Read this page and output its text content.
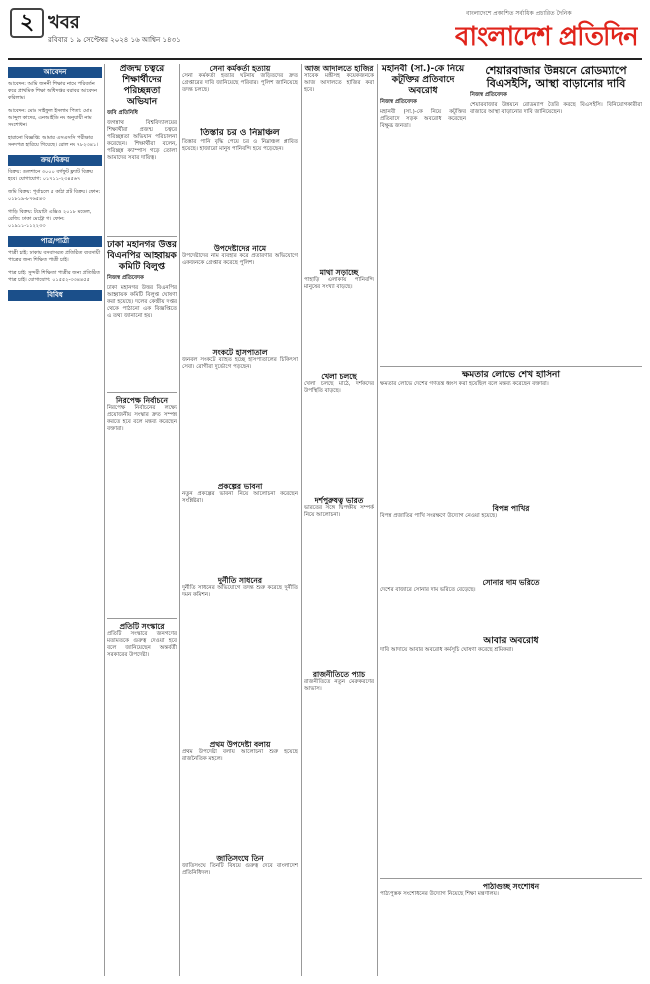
২ খবর
রবিবার ১ ৯ সেপ্টেম্বর ২০২৪ ১৬ আশ্বিন ১৪৩১
বাংলাদেশে প্রকাশিত সর্বাধিক প্রচারিত দৈনিক
বাংলাদেশ প্রতিদিন
আবেদন
আবেদন: আমি জননী শিক্ষার নামে পরিবর্তন করে প্রাথমিক শিক্ষা অধিদপ্তর বরাবর আবেদন করিলাম।
আবেদন: মোঃ সাইফুল ইসলাম পিতা: মোঃ আব্দুল কাদের, এনআইডি নং অনুযায়ী নাম সংশোধন।
হারানো বিজ্ঞপ্তি: আমার এসএসসি পরীক্ষার সনদপত্র হারিয়ে গিয়েছে। রোল নং ৭৮২৩৪১।
ক্রয়/বিক্রয়
বিক্রয়: গুলশানে ৩০০০ বর্গফুট ফ্ল্যাট বিক্রয় হবে। যোগাযোগ: ০১৭১১-২৩৪৫৬৭
জমি বিক্রয়: পূর্বাচলে ৫ কাঠা প্লট বিক্রয়। ফোন: ০১৮১৯-৮৭৬৫৪৩
গাড়ি বিক্রয়: টয়োটা এক্সিও ২০১৮ মডেল, রেজি: ঢাকা মেট্রো গ। ফোন: ০১৯১১-১১২২৩৩
পাত্র/পাত্রী
পাত্রী চাই: ঢাকায় বসবাসরত প্রতিষ্ঠিত ব্যবসায়ী পাত্রের জন্য শিক্ষিত পাত্রী চাই।
পাত্র চাই: সুন্দরী শিক্ষিতা পাত্রীর জন্য প্রতিষ্ঠিত পাত্র চাই। যোগাযোগ: ০১৫৫২-৩৩৪৪৫৫
বিবিধ
প্রজন্ম চত্বরে শিক্ষার্থীদের পরিচ্ছন্নতা অভিযান
জবি প্রতিনিধি
জগন্নাথ বিশ্ববিদ্যালয়ের শিক্ষার্থীরা প্রজন্ম চত্বরে পরিচ্ছন্নতা অভিযান পরিচালনা করেছেন। শিক্ষার্থীরা বলেন, পরিচ্ছন্ন ক্যাম্পাস গড়ে তোলা আমাদের সবার দায়িত্ব।
ঢাকা মহানগর উত্তর বিএনপির আহ্বায়ক কমিটি বিলুপ্ত
নিজস্ব প্রতিবেদক
ঢাকা মহানগর উত্তর বিএনপির আহ্বায়ক কমিটি বিলুপ্ত ঘোষণা করা হয়েছে। দলের কেন্দ্রীয় দপ্তর থেকে পাঠানো এক বিজ্ঞপ্তিতে এ তথ্য জানানো হয়।
নিরপেক্ষ নির্বাচনে
নিরপেক্ষ নির্বাচনের লক্ষ্যে প্রয়োজনীয় সংস্কার দ্রুত সম্পন্ন করতে হবে বলে মন্তব্য করেছেন বক্তারা।
প্রতিটি সংস্কারে
প্রতিটি সংস্কারে জনগণের মতামতকে গুরুত্ব দেওয়া হবে বলে জানিয়েছেন অন্তর্বর্তী সরকারের উপদেষ্টা।
সেনা কর্মকর্তা হত্যায়
সেনা কর্মকর্তা হত্যার ঘটনায় জড়িতদের দ্রুত গ্রেপ্তারের দাবি জানিয়েছে পরিবার। পুলিশ জানিয়েছে তদন্ত চলছে।
তিস্তার চর ও নিম্নাঞ্চল
তিস্তার পানি বৃদ্ধি পেয়ে চর ও নিম্নাঞ্চল প্লাবিত হয়েছে। হাজারো মানুষ পানিবন্দি হয়ে পড়েছেন।
উপদেষ্টাদের নামে
উপদেষ্টাদের নাম ব্যবহার করে প্রতারণার অভিযোগে একজনকে গ্রেপ্তার করেছে পুলিশ।
সংকটে হাসপাতাল
জনবল সংকটে ব্যাহত হচ্ছে হাসপাতালের চিকিৎসা সেবা। রোগীরা দুর্ভোগে পড়ছেন।
প্রকল্পের ভাবনা
নতুন প্রকল্পের ভাবনা নিয়ে আলোচনা করেছেন সংশ্লিষ্টরা।
দুর্নীতি সাধনের
দুর্নীতি সাধনের অভিযোগে তদন্ত শুরু করেছে দুর্নীতি দমন কমিশন।
প্রথম উপদেষ্টা বলায়
প্রথম উপদেষ্টা বলায় আলোচনা শুরু হয়েছে রাজনৈতিক মহলে।
জাতিসংঘে তিন
জাতিসংঘে তিনটি বিষয়ে গুরুত্ব দেবে বাংলাদেশ প্রতিনিধিদল।
আজ আদালতে হাজির
সাবেক মন্ত্রীসহ কয়েকজনকে আজ আদালতে হাজির করা হবে।
মাথা সড়াচ্ছে
পাহাড়ি এলাকায় পানিবন্দি মানুষের সংখ্যা বাড়ছে।
খেলা চলছে
খেলা চলছে মাঠে, দর্শকদের উপস্থিতি বাড়ছে।
দর্শপুরুষত্ব ভারত
ভারতের সঙ্গে দ্বিপক্ষীয় সম্পর্ক নিয়ে আলোচনা।
রাজনীতিতে প্যাচ
রাজনীতিতে নতুন মেরুকরণের আভাস।
মহানবী (সা.)-কে নিয়ে কটূক্তির প্রতিবাদে অবরোধ
নিজস্ব প্রতিবেদক
মহানবী (সা.)-কে নিয়ে কটূক্তির প্রতিবাদে সড়ক অবরোধ করেছেন বিক্ষুব্ধ জনতা।
শেয়ারবাজার উন্নয়নে রোডম্যাপে বিএসইসি, আস্থা বাড়ানোর দাবি
নিজস্ব প্রতিবেদক
শেয়ারবাজার উন্নয়নে রোডম্যাপ তৈরি করছে বিএসইসি। বিনিয়োগকারীরা বাজারে আস্থা বাড়ানোর দাবি জানিয়েছেন।
ক্ষমতার লোভে শেখ হাসিনা
ক্ষমতার লোভে দেশের গণতন্ত্র ধ্বংস করা হয়েছিল বলে মন্তব্য করেছেন বক্তারা।
বিপন্ন পাখির
বিপন্ন প্রজাতির পাখি সংরক্ষণে উদ্যোগ নেওয়া হয়েছে।
সোনার দাম ভরিতে
দেশের বাজারে সোনার দাম ভরিতে বেড়েছে।
আবার অবরোধ
দাবি আদায়ে আবার অবরোধ কর্মসূচি ঘোষণা করেছে শ্রমিকরা।
পাঠাগুচ্ছ সংশোধন
পাঠ্যপুস্তক সংশোধনের উদ্যোগ নিয়েছে শিক্ষা মন্ত্রণালয়।
